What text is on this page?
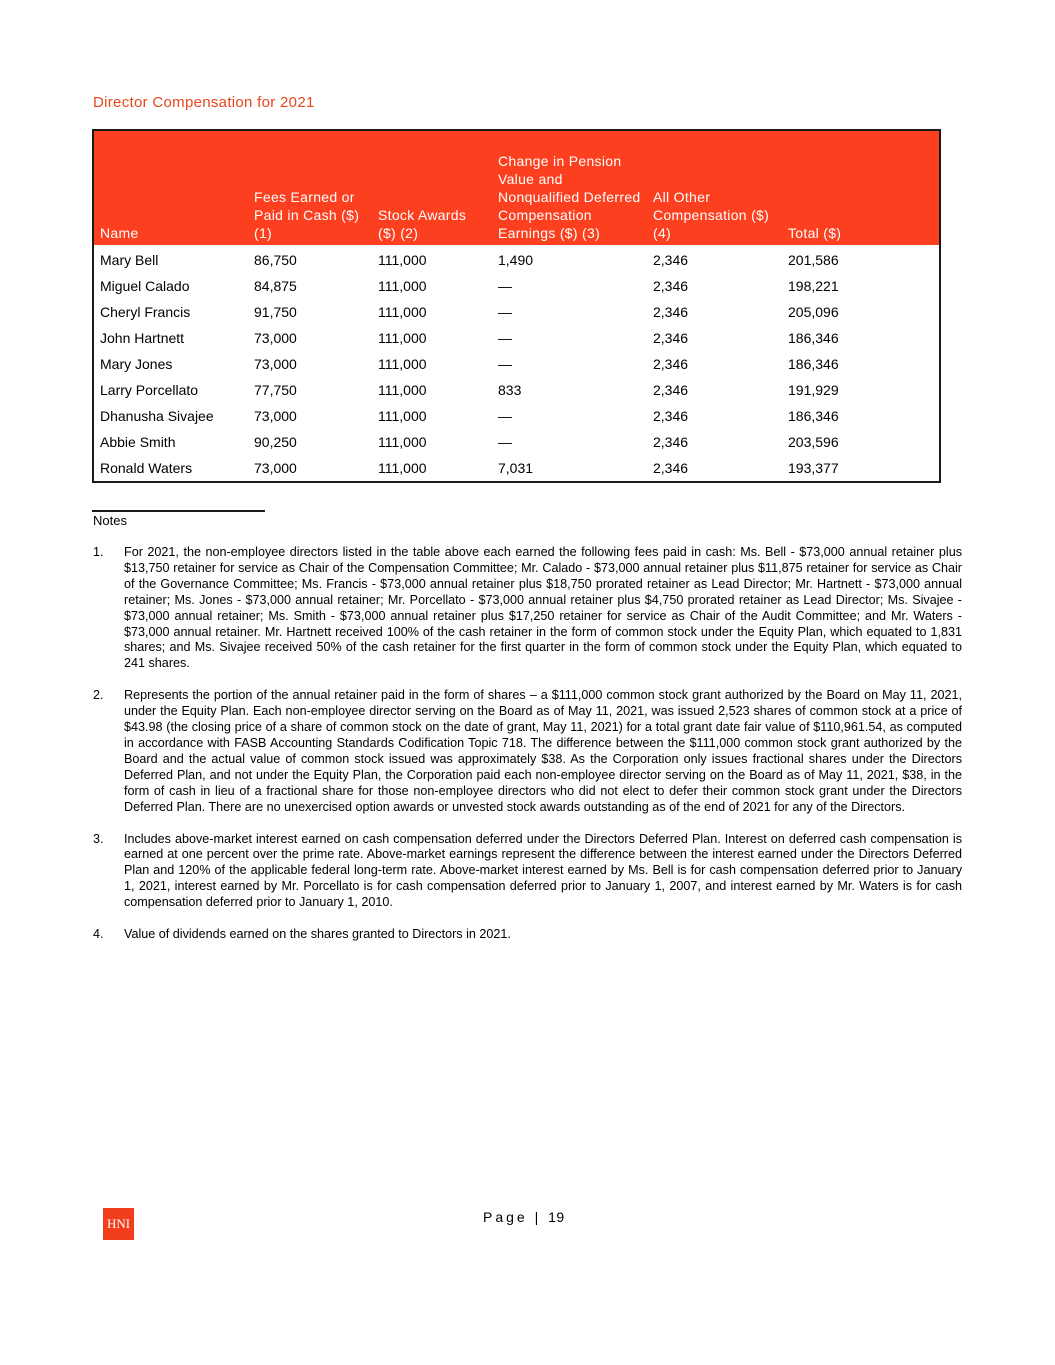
Director Compensation for 2021
Name	Fees Earned or Paid in Cash ($) (1)	Stock Awards ($) (2)	Change in Pension Value and Nonqualified Deferred Compensation Earnings ($) (3)	All Other Compensation ($)(4)	Total ($)
Mary Bell	86,750	111,000	1,490	2,346	201,586
Miguel Calado	84,875	111,000	—	2,346	198,221
Cheryl Francis	91,750	111,000	—	2,346	205,096
John Hartnett	73,000	111,000	—	2,346	186,346
Mary Jones	73,000	111,000	—	2,346	186,346
Larry Porcellato	77,750	111,000	833	2,346	191,929
Dhanusha Sivajee	73,000	111,000	—	2,346	186,346
Abbie Smith	90,250	111,000	—	2,346	203,596
Ronald Waters	73,000	111,000	7,031	2,346	193,377
Notes
1.	For 2021, the non-employee directors listed in the table above each earned the following fees paid in cash: Ms. Bell - $73,000 annual retainer plus $13,750 retainer for service as Chair of the Compensation Committee; Mr. Calado - $73,000 annual retainer plus $11,875 retainer for service as Chair of the Governance Committee; Ms. Francis - $73,000 annual retainer plus $18,750 prorated retainer as Lead Director; Mr. Hartnett - $73,000 annual retainer; Ms. Jones - $73,000 annual retainer; Mr. Porcellato - $73,000 annual retainer plus $4,750 prorated retainer as Lead Director; Ms. Sivajee - $73,000 annual retainer; Ms. Smith - $73,000 annual retainer plus $17,250 retainer for service as Chair of the Audit Committee; and Mr. Waters - $73,000 annual retainer. Mr. Hartnett received 100% of the cash retainer in the form of common stock under the Equity Plan, which equated to 1,831 shares; and Ms. Sivajee received 50% of the cash retainer for the first quarter in the form of common stock under the Equity Plan, which equated to 241 shares.
2.	Represents the portion of the annual retainer paid in the form of shares – a $111,000 common stock grant authorized by the Board on May 11, 2021, under the Equity Plan. Each non-employee director serving on the Board as of May 11, 2021, was issued 2,523 shares of common stock at a price of $43.98 (the closing price of a share of common stock on the date of grant, May 11, 2021) for a total grant date fair value of $110,961.54, as computed in accordance with FASB Accounting Standards Codification Topic 718. The difference between the $111,000 common stock grant authorized by the Board and the actual value of common stock issued was approximately $38. As the Corporation only issues fractional shares under the Directors Deferred Plan, and not under the Equity Plan, the Corporation paid each non-employee director serving on the Board as of May 11, 2021, $38, in the form of cash in lieu of a fractional share for those non-employee directors who did not elect to defer their common stock grant under the Directors Deferred Plan. There are no unexercised option awards or unvested stock awards outstanding as of the end of 2021 for any of the Directors.
3.	Includes above-market interest earned on cash compensation deferred under the Directors Deferred Plan. Interest on deferred cash compensation is earned at one percent over the prime rate. Above-market earnings represent the difference between the interest earned under the Directors Deferred Plan and 120% of the applicable federal long-term rate. Above-market interest earned by Ms. Bell is for cash compensation deferred prior to January 1, 2021, interest earned by Mr. Porcellato is for cash compensation deferred prior to January 1, 2007, and interest earned by Mr. Waters is for cash compensation deferred prior to January 1, 2010.
4.	Value of dividends earned on the shares granted to Directors in 2021.
HNI	Page | 19
